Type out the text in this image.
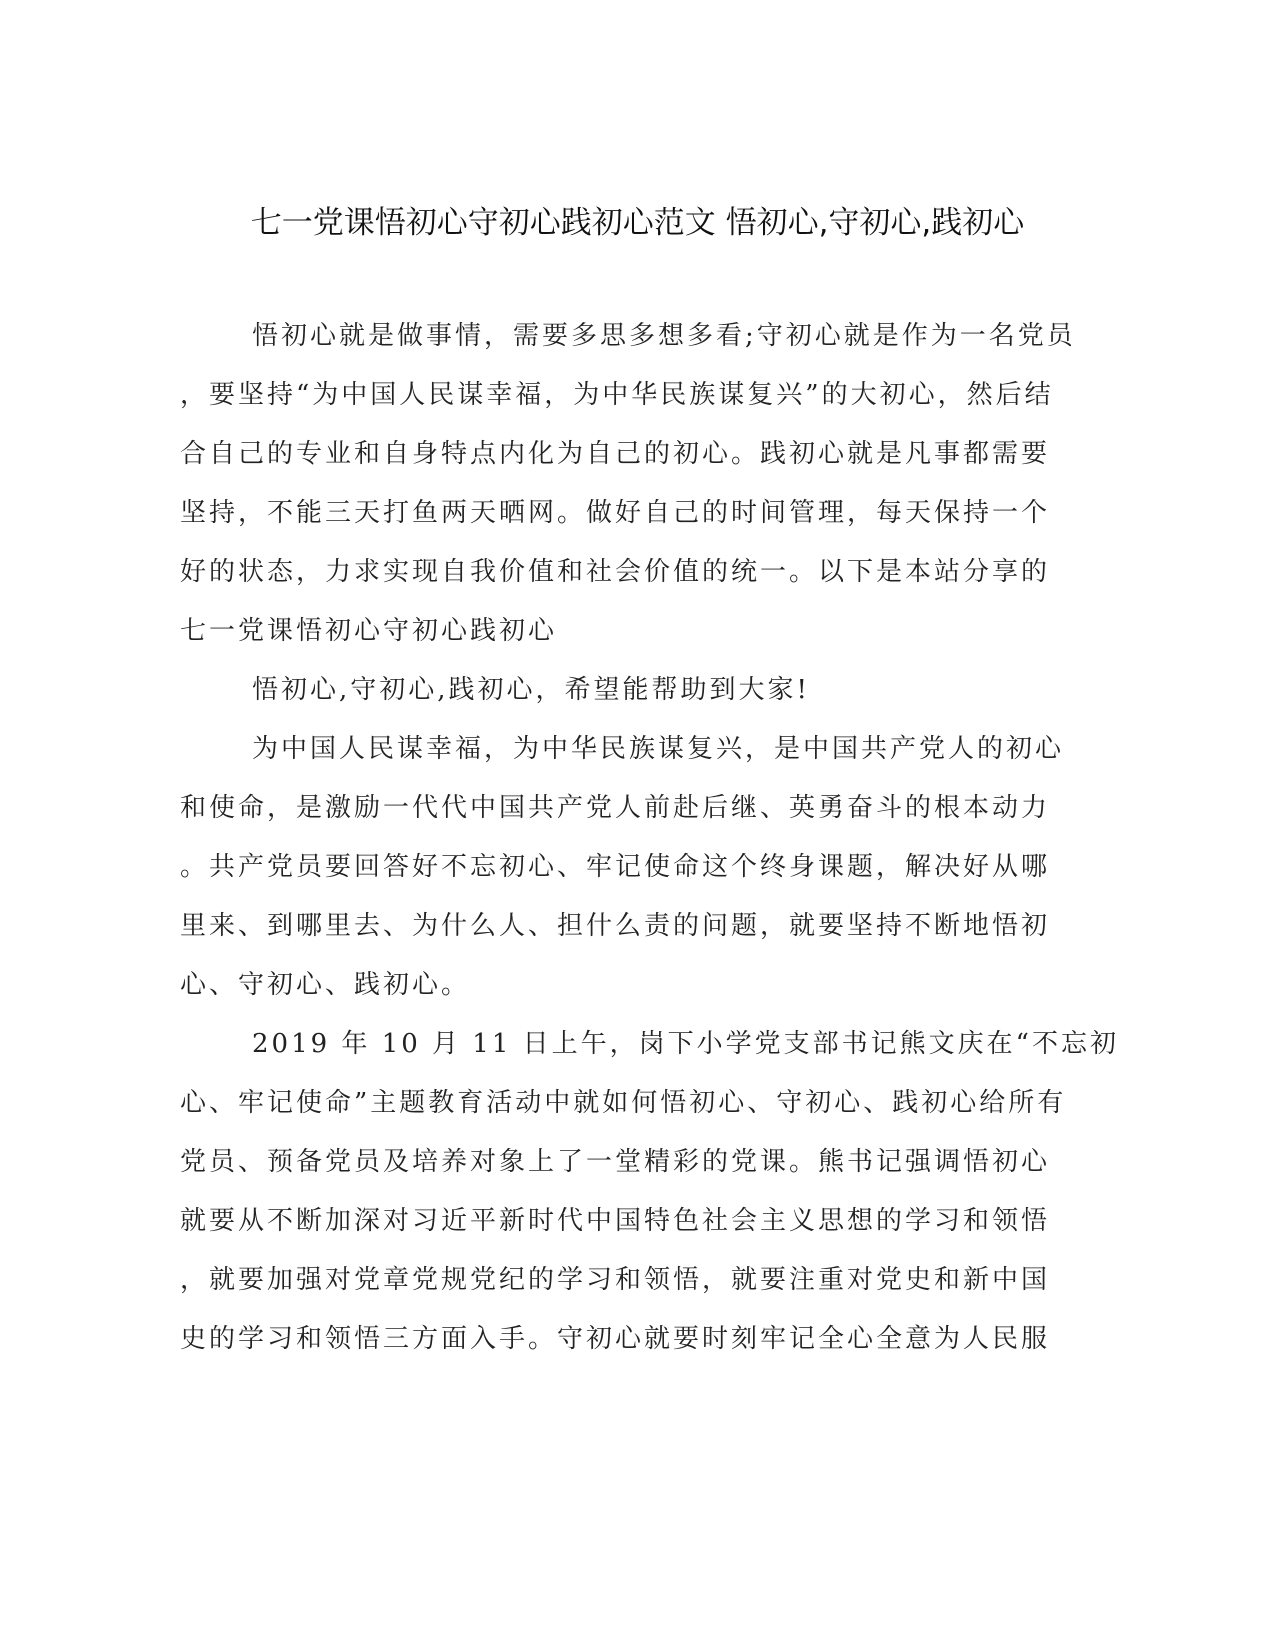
七一党课悟初心守初心践初心范文 悟初心,守初心,践初心

悟初心就是做事情，需要多思多想多看;守初心就是作为一名党员

，要坚持“为中国人民谋幸福，为中华民族谋复兴”的大初心，然后结

合自己的专业和自身特点内化为自己的初心。践初心就是凡事都需要

坚持，不能三天打鱼两天晒网。做好自己的时间管理，每天保持一个

好的状态，力求实现自我价值和社会价值的统一。以下是本站分享的

七一党课悟初心守初心践初心

悟初心,守初心,践初心，希望能帮助到大家!

为中国人民谋幸福，为中华民族谋复兴，是中国共产党人的初心

和使命，是激励一代代中国共产党人前赴后继、英勇奋斗的根本动力

。共产党员要回答好不忘初心、牢记使命这个终身课题，解决好从哪

里来、到哪里去、为什么人、担什么责的问题，就要坚持不断地悟初

心、守初心、践初心。

2019 年 10 月 11 日上午，岗下小学党支部书记熊文庆在“不忘初

心、牢记使命”主题教育活动中就如何悟初心、守初心、践初心给所有

党员、预备党员及培养对象上了一堂精彩的党课。熊书记强调悟初心

就要从不断加深对习近平新时代中国特色社会主义思想的学习和领悟

，就要加强对党章党规党纪的学习和领悟，就要注重对党史和新中国

史的学习和领悟三方面入手。守初心就要时刻牢记全心全意为人民服
